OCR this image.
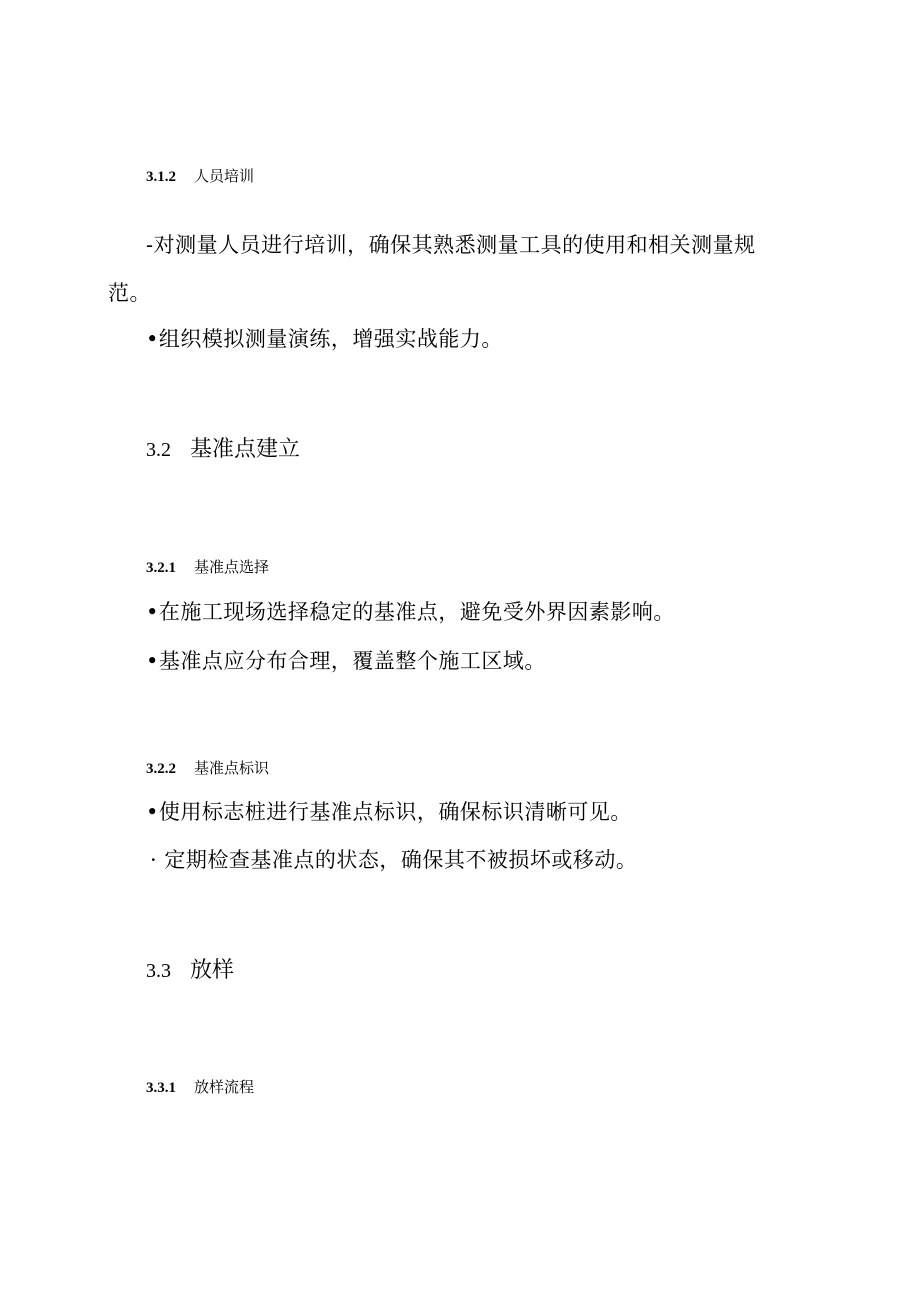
3.1.2 人员培训
-对测量人员进行培训，确保其熟悉测量工具的使用和相关测量规
范。
•组织模拟测量演练，增强实战能力。
3.2 基准点建立
3.2.1 基准点选择
•在施工现场选择稳定的基准点，避免受外界因素影响。
•基准点应分布合理，覆盖整个施工区域。
3.2.2 基准点标识
•使用标志桩进行基准点标识，确保标识清晰可见。
· 定期检查基准点的状态，确保其不被损坏或移动。
3.3 放样
3.3.1 放样流程
